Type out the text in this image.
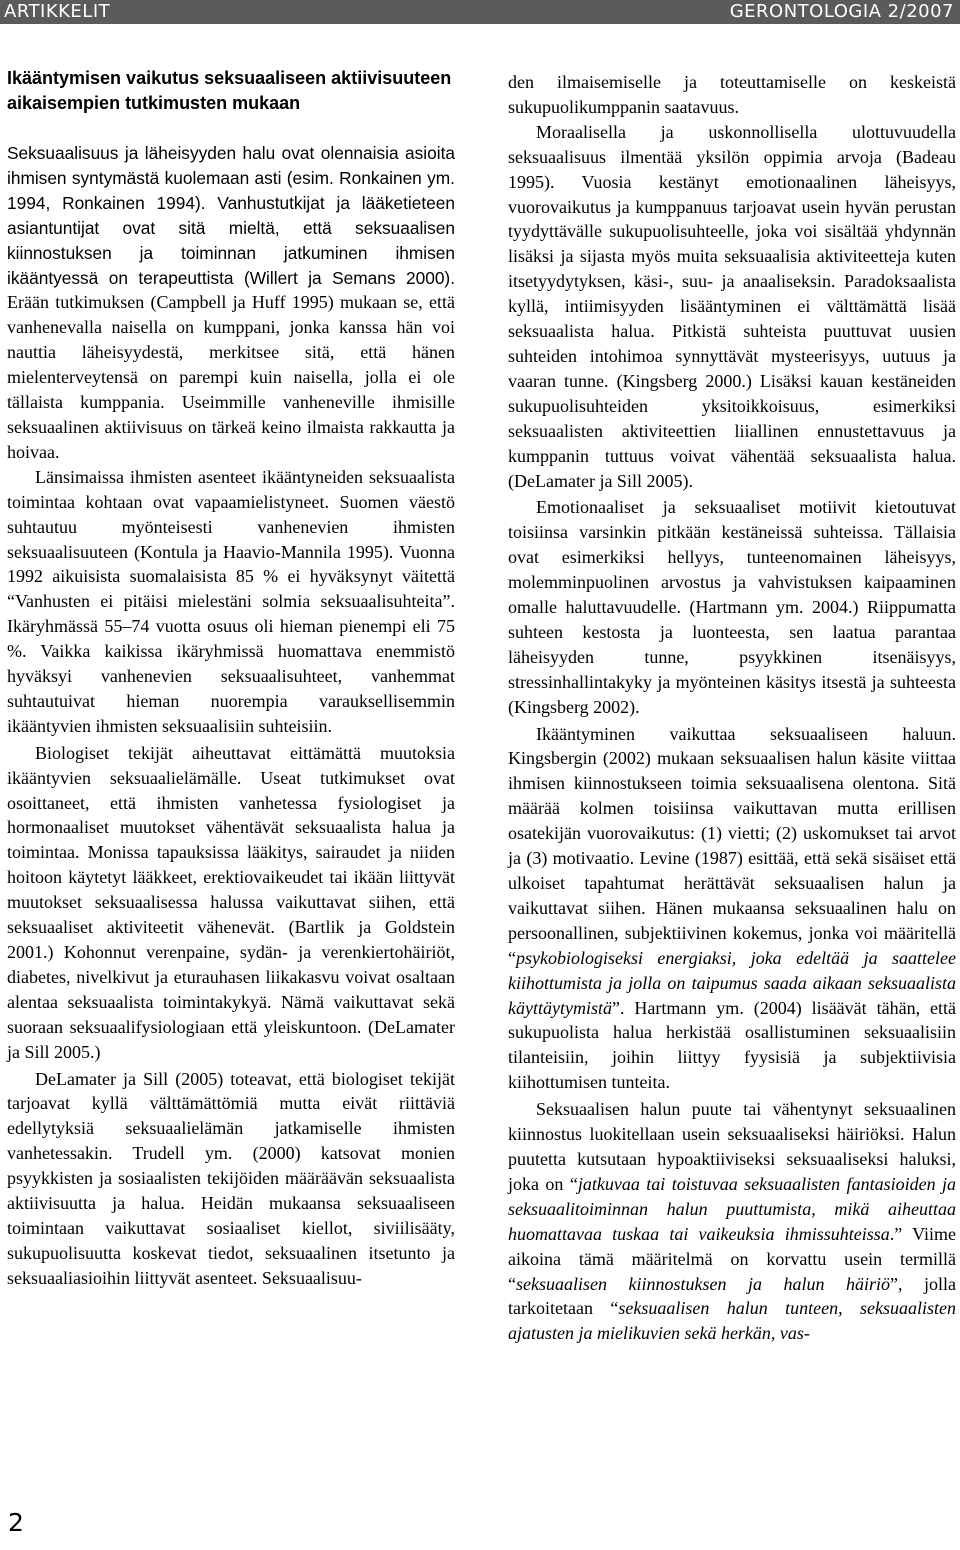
ARTIKKELIT	GERONTOLOGIA 2/2007
Ikääntymisen vaikutus seksuaaliseen aktiivisuuteen aikaisempien tutkimusten mukaan

Seksuaalisuus ja läheisyyden halu ovat olennaisia asioita ihmisen syntymästä kuolemaan asti (esim. Ronkainen ym. 1994, Ronkainen 1994). Vanhustutkijat ja lääketieteen asiantuntijat ovat sitä mieltä, että seksuaalisen kiinnostuksen ja toiminnan jatkuminen ihmisen ikääntyessä on terapeuttista (Willert ja Semans 2000). Erään tutkimuksen (Campbell ja Huff 1995) mukaan se, että vanhenevalla naisella on kumppani, jonka kanssa hän voi nauttia läheisyydestä, merkitsee sitä, että hänen mielenterveytensä on parempi kuin naisella, jolla ei ole tällaista kumppania. Useimmille vanheneville ihmisille seksuaalinen aktiivisuus on tärkeä keino ilmaista rakkautta ja hoivaa.

Länsimaissa ihmisten asenteet ikääntyneiden seksuaalista toimintaa kohtaan ovat vapaamielistyneet. Suomen väestö suhtautuu myönteisesti vanhenevien ihmisten seksuaalisuuteen (Kontula ja Haavio-Mannila 1995). Vuonna 1992 aikuisista suomalaisista 85 % ei hyväksynyt väitettä “Vanhusten ei pitäisi mielestäni solmia seksuaalisuhteita”. Ikäryhmässä 55–74 vuotta osuus oli hieman pienempi eli 75 %. Vaikka kaikissa ikäryhmissä huomattava enemmistö hyväksyi vanhenevien seksuaalisuhteet, vanhemmat suhtautuivat hieman nuorempia varauksellisemmin ikääntyvien ihmisten seksuaalisiin suhteisiin.

Biologiset tekijät aiheuttavat eittämättä muutoksia ikääntyvien seksuaalielämälle. Useat tutkimukset ovat osoittaneet, että ihmisten vanhetessa fysiologiset ja hormonaaliset muutokset vähentävät seksuaalista halua ja toimintaa. Monissa tapauksissa lääkitys, sairaudet ja niiden hoitoon käytetyt lääkkeet, erektiovaikeudet tai ikään liittyvät muutokset seksuaalisessa halussa vaikuttavat siihen, että seksuaaliset aktiviteetit vähenevät. (Bartlik ja Goldstein 2001.) Kohonnut verenpaine, sydän- ja verenkiertohäiriöt, diabetes, nivelkivut ja eturauhasen liikakasvu voivat osaltaan alentaa seksuaalista toimintakykyä. Nämä vaikuttavat sekä suoraan seksuaalifysiologiaan että yleiskuntoon. (DeLamater ja Sill 2005.)

DeLamater ja Sill (2005) toteavat, että biologiset tekijät tarjoavat kyllä välttämättömiä mutta eivät riittäviä edellytyksiä seksuaalielämän jatkamiselle ihmisten vanhetessakin. Trudell ym. (2000) katsovat monien psyykkisten ja sosiaalisten tekijöiden määräävän seksuaalista aktiivisuutta ja halua. Heidän mukaansa seksuaaliseen toimintaan vaikuttavat sosiaaliset kiellot, siviilisääty, sukupuolisuutta koskevat tiedot, seksuaalinen itsetunto ja seksuaaliasioihin liittyvät asenteet. Seksuaalisuu-

den ilmaisemiselle ja toteuttamiselle on keskeistä sukupuolikumppanin saatavuus.

Moraalisella ja uskonnollisella ulottuvuudella seksuaalisuus ilmentää yksilön oppimia arvoja (Badeau 1995). Vuosia kestänyt emotionaalinen läheisyys, vuorovaikutus ja kumppanuus tarjoavat usein hyvän perustan tyydyttävälle sukupuolisuhteelle, joka voi sisältää yhdynnän lisäksi ja sijasta myös muita seksuaalisia aktiviteetteja kuten itsetyydytyksen, käsi-, suu- ja anaaliseksin. Paradoksaalista kyllä, intiimisyyden lisääntyminen ei välttämättä lisää seksuaalista halua. Pitkistä suhteista puuttuvat uusien suhteiden intohimoa synnyttävät mysteerisyys, uutuus ja vaaran tunne. (Kingsberg 2000.) Lisäksi kauan kestäneiden sukupuolisuhteiden yksitoikkoisuus, esimerkiksi seksuaalisten aktiviteettien liiallinen ennustettavuus ja kumppanin tuttuus voivat vähentää seksuaalista halua. (DeLamater ja Sill 2005).

Emotionaaliset ja seksuaaliset motiivit kietoutuvat toisiinsa varsinkin pitkään kestäneissä suhteissa. Tällaisia ovat esimerkiksi hellyys, tunteenomainen läheisyys, molemminpuolinen arvostus ja vahvistuksen kaipaaminen omalle haluttavuudelle. (Hartmann ym. 2004.) Riippumatta suhteen kestosta ja luonteesta, sen laatua parantaa läheisyyden tunne, psyykkinen itsenäisyys, stressinhallintakyky ja myönteinen käsitys itsestä ja suhteesta (Kingsberg 2002).

Ikääntyminen vaikuttaa seksuaaliseen haluun. Kingsbergin (2002) mukaan seksuaalisen halun käsite viittaa ihmisen kiinnostukseen toimia seksuaalisena olentona. Sitä määrää kolmen toisiinsa vaikuttavan mutta erillisen osatekijän vuorovaikutus: (1) vietti; (2) uskomukset tai arvot ja (3) motivaatio. Levine (1987) esittää, että sekä sisäiset että ulkoiset tapahtumat herättävät seksuaalisen halun ja vaikuttavat siihen. Hänen mukaansa seksuaalinen halu on persoonallinen, subjektiivinen kokemus, jonka voi määritellä “psykobiologiseksi energiaksi, joka edeltää ja saattelee kiihottumista ja jolla on taipumus saada aikaan seksuaalista käyttäytymistä”. Hartmann ym. (2004) lisäävät tähän, että sukupuolista halua herkistää osallistuminen seksuaalisiin tilanteisiin, joihin liittyy fyysisiä ja subjektiivisia kiihottumisen tunteita.

Seksuaalisen halun puute tai vähentynyt seksuaalinen kiinnostus luokitellaan usein seksuaaliseksi häiriöksi. Halun puutetta kutsutaan hypoaktiiviseksi seksuaaliseksi haluksi, joka on “jatkuvaa tai toistuvaa seksuaalisten fantasioiden ja seksuaalitoiminnan halun puuttumista, mikä aiheuttaa huomattavaa tuskaa tai vaikeuksia ihmissuhteissa.” Viime aikoina tämä määritelmä on korvattu usein termillä “seksuaalisen kiinnostuksen ja halun häiriö”, jolla tarkoitetaan “seksuaalisen halun tunteen, seksuaalisten ajatusten ja mielikuvien sekä herkän, vas-

2
